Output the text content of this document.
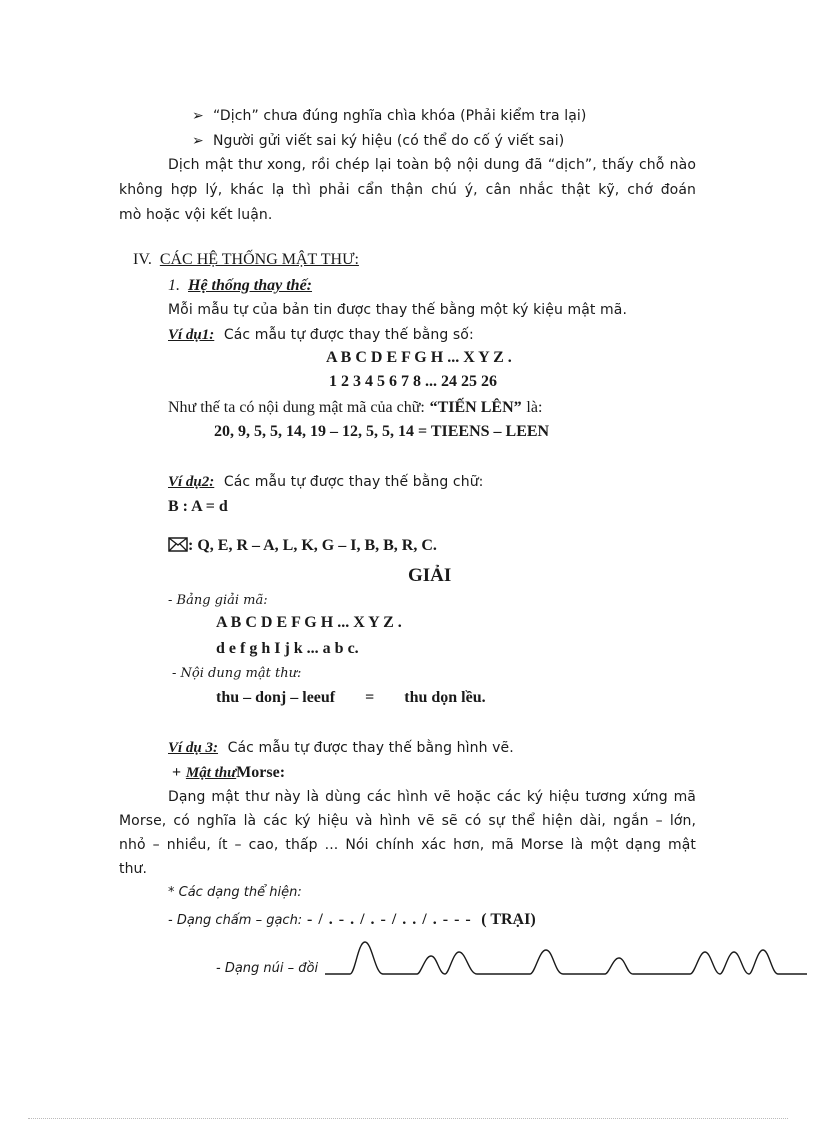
➢ “Dịch” chưa đúng nghĩa chìa khóa (Phải kiểm tra lại)
➢ Người gửi viết sai ký hiệu (có thể do cố ý viết sai)
Dịch mật thư xong, rồi chép lại toàn bộ nội dung đã “dịch”, thấy chỗ nào
không hợp lý, khác lạ thì phải cẩn thận chú ý, cân nhắc thật kỹ, chớ đoán
mò hoặc vội kết luận.
IV. CÁC HỆ THỐNG MẬT THƯ:
1. Hệ thống thay thế:
Mỗi mẫu tự của bản tin được thay thế bằng một ký kiệu mật mã.
Ví dụ1: Các mẫu tự được thay thế bằng số:
A B C D E F G H ... X Y Z .
1 2 3 4 5 6 7 8 ... 24 25 26
Như thế ta có nội dung mật mã của chữ: “TIẾN LÊN” là:
20, 9, 5, 5, 14, 19 – 12, 5, 5, 14 = TIEENS – LEEN
Ví dụ2: Các mẫu tự được thay thế bằng chữ:
B : A = d
: Q, E, R – A, L, K, G – I, B, B, R, C.
GIẢI
- Bảng giải mã:
A B C D E F G H ... X Y Z .
d e f g h I j k ... a b c.
- Nội dung mật thư:
thu – donj – leeuf = thu dọn lều.
Ví dụ 3: Các mẫu tự được thay thế bằng hình vẽ.
+ Mật thưMorse:
Dạng mật thư này là dùng các hình vẽ hoặc các ký hiệu tương xứng mã
Morse, có nghĩa là các ký hiệu và hình vẽ sẽ có sự thể hiện dài, ngắn – lớn,
nhỏ – nhiều, ít – cao, thấp ... Nói chính xác hơn, mã Morse là một dạng mật
thư.
* Các dạng thể hiện:
- Dạng chấm – gạch: - / . - . / . - / . . / . - - - ( TRẠI)
- Dạng núi – đồi
